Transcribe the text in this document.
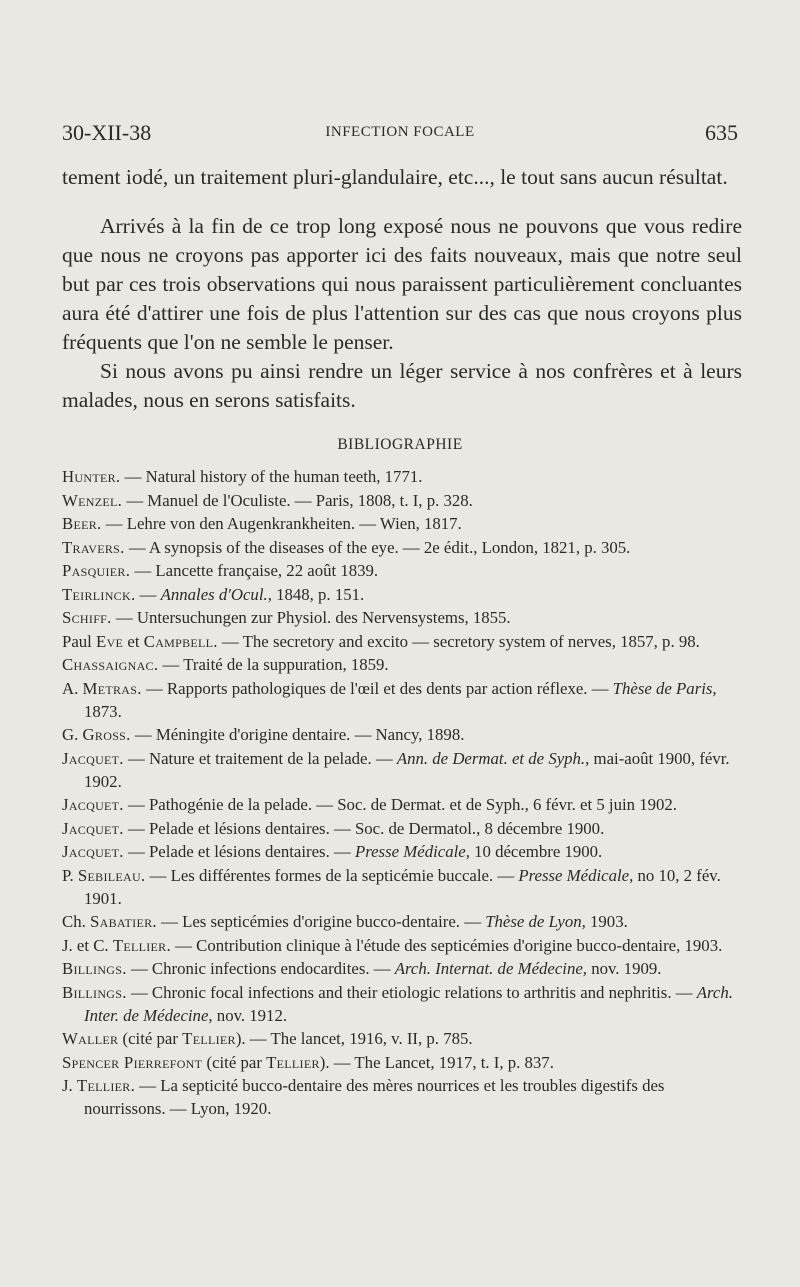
30-XII-38	INFECTION FOCALE	635

tement iodé, un traitement pluri-glandulaire, etc..., le tout sans aucun résultat.

Arrivés à la fin de ce trop long exposé nous ne pouvons que vous redire que nous ne croyons pas apporter ici des faits nouveaux, mais que notre seul but par ces trois observations qui nous paraissent particulièrement concluantes aura été d'attirer une fois de plus l'attention sur des cas que nous croyons plus fréquents que l'on ne semble le penser.

Si nous avons pu ainsi rendre un léger service à nos confrères et à leurs malades, nous en serons satisfaits.

BIBLIOGRAPHIE

Hunter. — Natural history of the human teeth, 1771.

Wenzel. — Manuel de l'Oculiste. — Paris, 1808, t. I, p. 328.

Beer. — Lehre von den Augenkrankheiten. — Wien, 1817.

Travers. — A synopsis of the diseases of the eye. — 2e édit., London, 1821, p. 305.

Pasquier. — Lancette française, 22 août 1839.

Teirlinck. — Annales d'Ocul., 1848, p. 151.

Schiff. — Untersuchungen zur Physiol. des Nervensystems, 1855.

Paul Eve et Campbell. — The secretory and excito — secretory system of nerves, 1857, p. 98.

Chassaignac. — Traité de la suppuration, 1859.

A. Metras. — Rapports pathologiques de l'œil et des dents par action réflexe. — Thèse de Paris, 1873.

G. Gross. — Méningite d'origine dentaire. — Nancy, 1898.

Jacquet. — Nature et traitement de la pelade. — Ann. de Dermat. et de Syph., mai-août 1900, févr. 1902.

Jacquet. — Pathogénie de la pelade. — Soc. de Dermat. et de Syph., 6 févr. et 5 juin 1902.

Jacquet. — Pelade et lésions dentaires. — Soc. de Dermatol., 8 décembre 1900.

Jacquet. — Pelade et lésions dentaires. — Presse Médicale, 10 décembre 1900.

P. Sebileau. — Les différentes formes de la septicémie buccale. — Presse Médicale, no 10, 2 fév. 1901.

Ch. Sabatier. — Les septicémies d'origine bucco-dentaire. — Thèse de Lyon, 1903.

J. et C. Tellier. — Contribution clinique à l'étude des septicémies d'origine bucco-dentaire, 1903.

Billings. — Chronic infections endocardites. — Arch. Internat. de Médecine, nov. 1909.

Billings. — Chronic focal infections and their etiologic relations to arthritis and nephritis. — Arch. Inter. de Médecine, nov. 1912.

Waller (cité par Tellier). — The lancet, 1916, v. II, p. 785.

Spencer Pierrefont (cité par Tellier). — The Lancet, 1917, t. I, p. 837.

J. Tellier. — La septicité bucco-dentaire des mères nourrices et les troubles digestifs des nourrissons. — Lyon, 1920.
